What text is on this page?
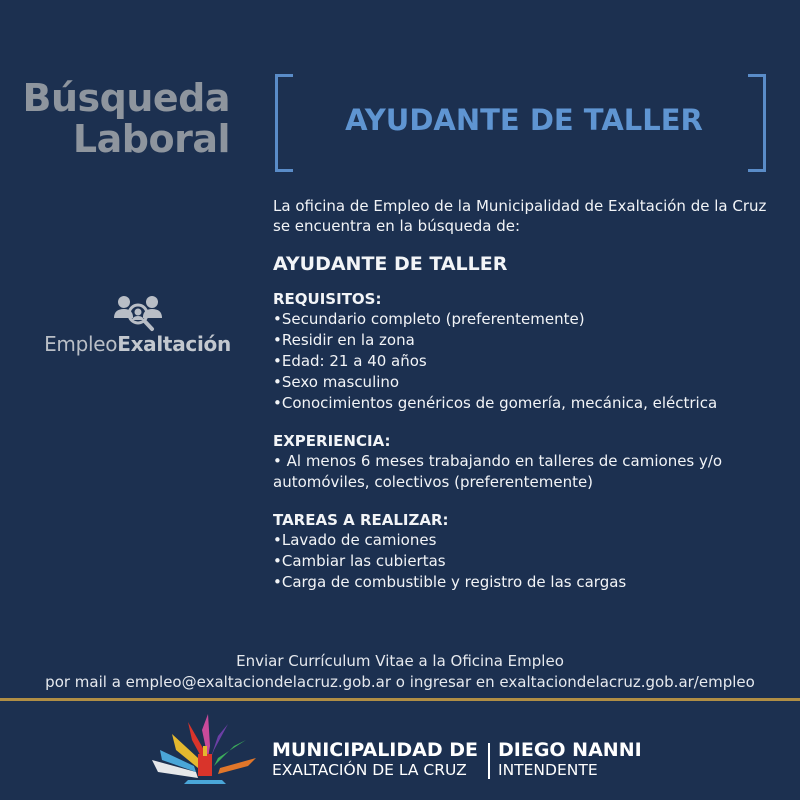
Búsqueda
Laboral	AYUDANTE DE TALLER
EmpleoExaltación

La oficina de Empleo de la Municipalidad de Exaltación de la Cruz se encuentra en la búsqueda de:

AYUDANTE DE TALLER
REQUISITOS:
•Secundario completo (preferentemente)
•Residir en la zona
•Edad: 21 a 40 años
•Sexo masculino
•Conocimientos genéricos de gomería, mecánica, eléctrica
EXPERIENCIA:
• Al menos 6 meses trabajando en talleres de camiones y/o automóviles, colectivos (preferentemente)
TAREAS A REALIZAR:
•Lavado de camiones
•Cambiar las cubiertas
•Carga de combustible y registro de las cargas
Enviar Currículum Vitae a la Oficina Empleo
por mail a empleo@exaltaciondelacruz.gob.ar o ingresar en exaltaciondelacruz.gob.ar/empleo
MUNICIPALIDAD DE
EXALTACIÓN DE LA CRUZ
DIEGO NANNI
INTENDENTE
